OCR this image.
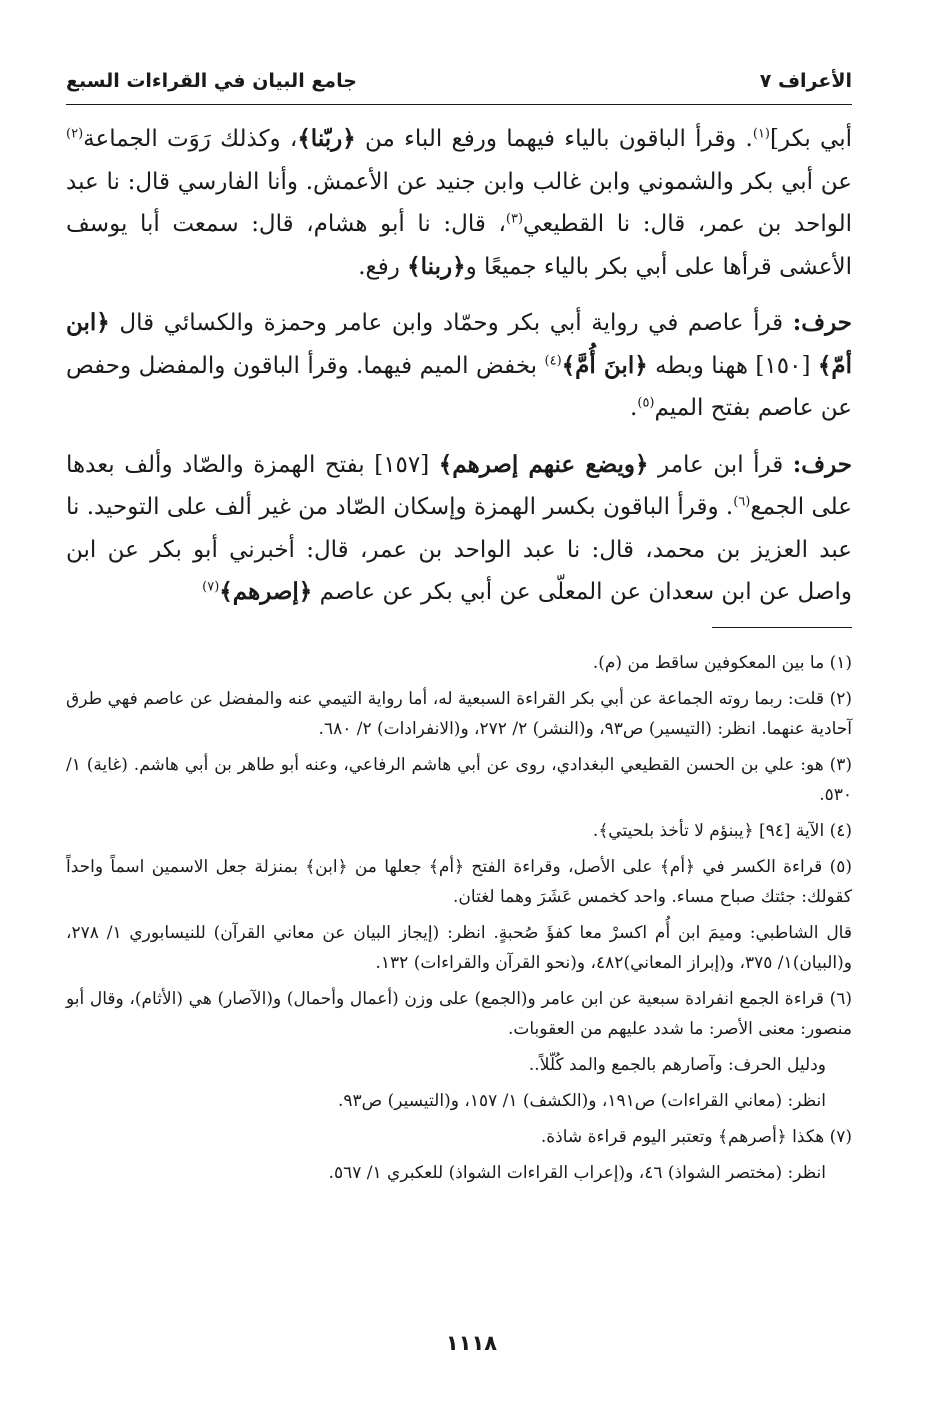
الأعراف ٧
جامع البيان في القراءات السبع

أبي بكر]$^{(١)}$. وقرأ الباقون بالياء فيهما ورفع الباء من ﴿ربّنا﴾، وكذلك رَوَت الجماعة$^{(٢)}$ عن أبي بكر والشموني وابن غالب وابن جنيد عن الأعمش. وأنا الفارسي قال: نا عبد الواحد بن عمر، قال: نا القطيعي$^{(٣)}$، قال: نا أبو هشام، قال: سمعت أبا يوسف الأعشى قرأها على أبي بكر بالياء جميعًا و﴿ربنا﴾ رفع.

حرف: قرأ عاصم في رواية أبي بكر وحمّاد وابن عامر وحمزة والكسائي قال ﴿ابن أمّ﴾ [١٥٠] ههنا وبطه ﴿ابنَ أُمَّ﴾$^{(٤)}$ بخفض الميم فيهما. وقرأ الباقون والمفضل وحفص عن عاصم بفتح الميم$^{(٥)}$.

حرف: قرأ ابن عامر ﴿ويضع عنهم إصرهم﴾ [١٥٧] بفتح الهمزة والصّاد وألف بعدها على الجمع$^{(٦)}$. وقرأ الباقون بكسر الهمزة وإسكان الصّاد من غير ألف على التوحيد. نا عبد العزيز بن محمد، قال: نا عبد الواحد بن عمر، قال: أخبرني أبو بكر عن ابن واصل عن ابن سعدان عن المعلّى عن أبي بكر عن عاصم ﴿إصرهم﴾$^{(٧)}$

(١) ما بين المعكوفين ساقط من (م).

(٢) قلت: ربما روته الجماعة عن أبي بكر القراءة السبعية له، أما رواية التيمي عنه والمفضل عن عاصم فهي طرق آحادية عنهما. انظر: (التيسير) ص٩٣، و(النشر) ٢/ ٢٧٢، و(الانفرادات) ٢/ ٦٨٠.

(٣) هو: علي بن الحسن القطيعي البغدادي، روى عن أبي هاشم الرفاعي، وعنه أبو طاهر بن أبي هاشم. (غاية) ١/ ٥٣٠.

(٤) الآية [٩٤] ﴿يبنؤم لا تأخذ بلحيتي﴾.

(٥) قراءة الكسر في ﴿أم﴾ على الأصل، وقراءة الفتح ﴿أم﴾ جعلها من ﴿ابن﴾ بمنزلة جعل الاسمين اسماً واحداً كقولك: جئتك صباح مساء. واحد كخمس عَشَرَ وهما لغتان.

قال الشاطبي: وميمَ ابن أُم اكسرْ معا كفؤَ صُحبةٍ. انظر: (إيجاز البيان عن معاني القرآن) للنيسابوري ١/ ٢٧٨، و(البيان)١/ ٣٧٥، و(إبراز المعاني)٤٨٢، و(نحو القرآن والقراءات) ١٣٢.

(٦) قراءة الجمع انفرادة سبعية عن ابن عامر و(الجمع) على وزن (أعمال وأحمال) و(الآصار) هي (الأثام)، وقال أبو منصور: معنى الأصر: ما شدد عليهم من العقوبات.

ودليل الحرف: وآصارهم بالجمع والمد كُلّلاً..

انظر: (معاني القراءات) ص١٩١، و(الكشف) ١/ ١٥٧، و(التيسير) ص٩٣.

(٧) هكذا ﴿أصرهم﴾ وتعتبر اليوم قراءة شاذة.

انظر: (مختصر الشواذ) ٤٦، و(إعراب القراءات الشواذ) للعكبري ١/ ٥٦٧.

١١١٨
